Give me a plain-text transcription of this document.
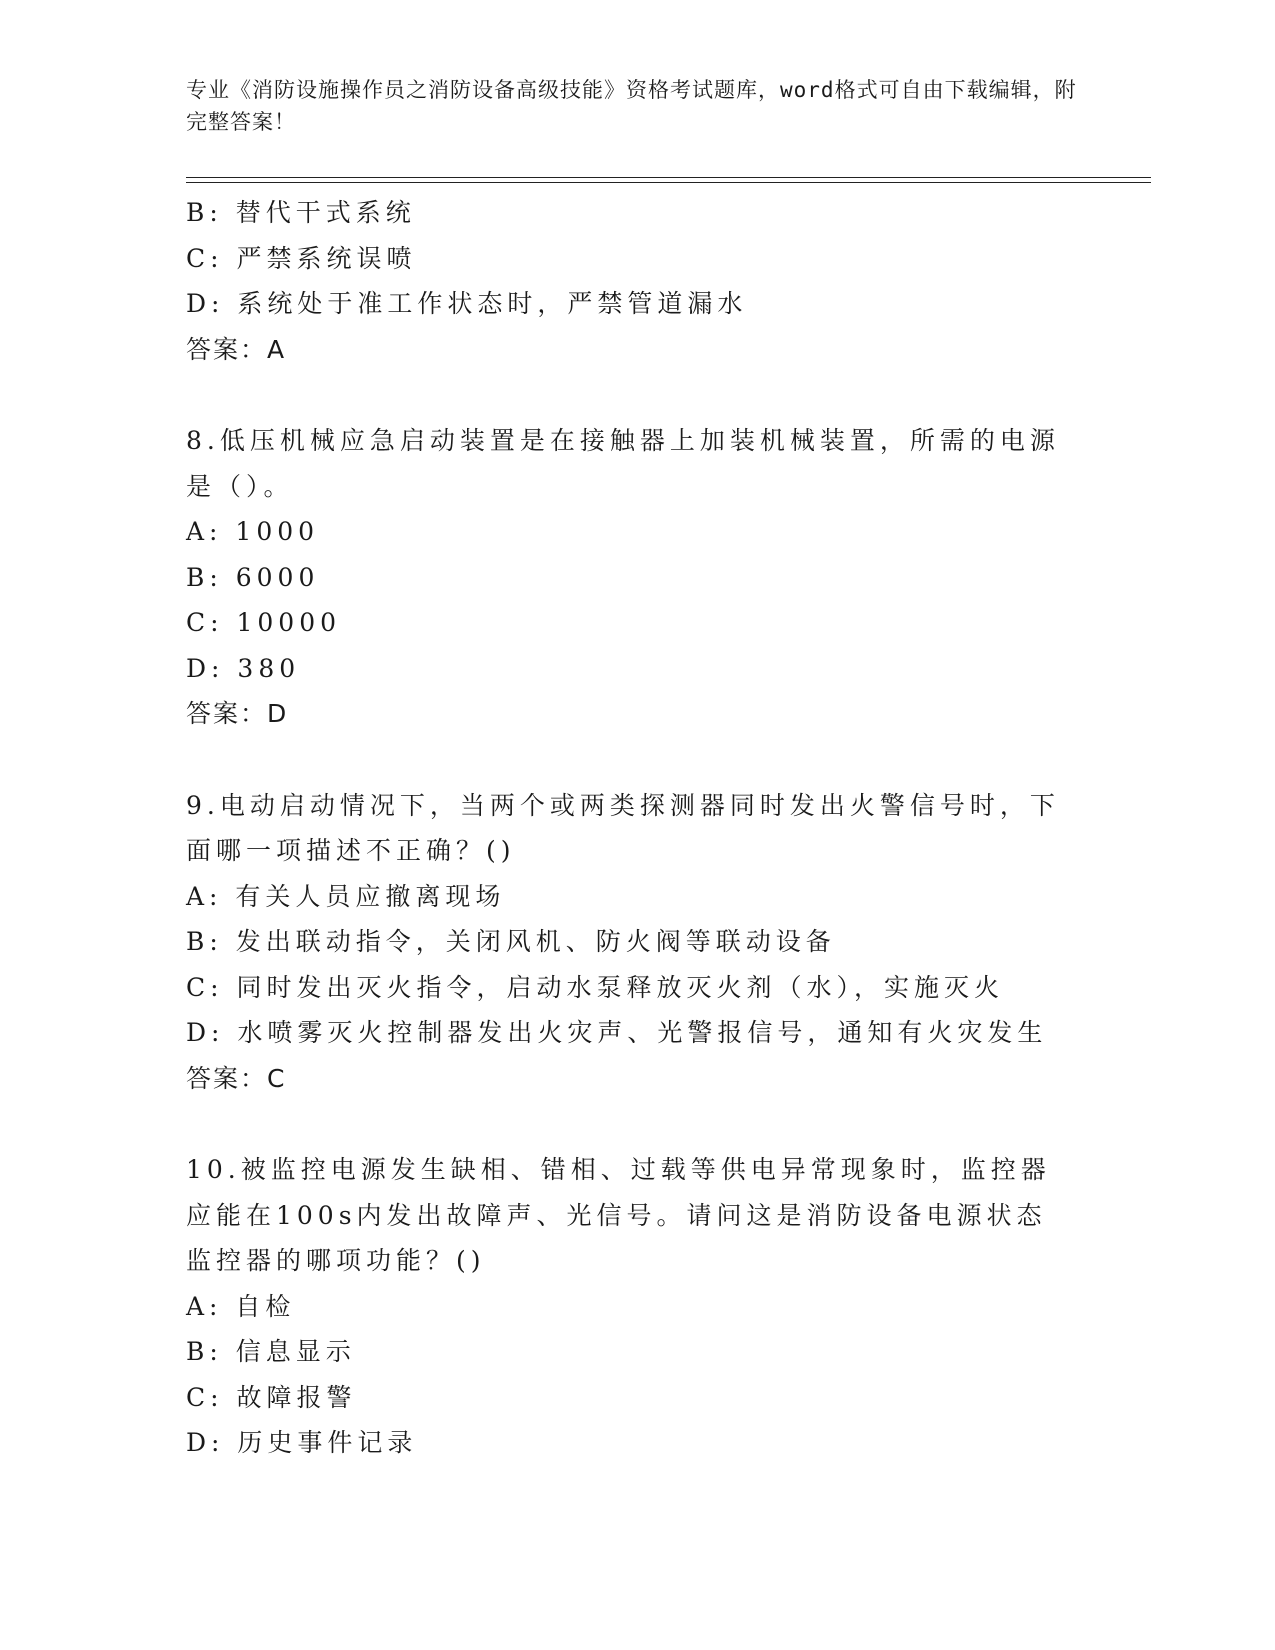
专业《消防设施操作员之消防设备高级技能》资格考试题库，word格式可自由下载编辑，附完整答案！
B: 替代干式系统
C: 严禁系统误喷
D: 系统处于准工作状态时，严禁管道漏水
答案：A
8.低压机械应急启动装置是在接触器上加装机械装置，所需的电源是（）。
A: 1000
B: 6000
C: 10000
D: 380
答案：D
9.电动启动情况下，当两个或两类探测器同时发出火警信号时，下面哪一项描述不正确？()
A: 有关人员应撤离现场
B: 发出联动指令，关闭风机、防火阀等联动设备
C: 同时发出灭火指令，启动水泵释放灭火剂（水），实施灭火
D: 水喷雾灭火控制器发出火灾声、光警报信号，通知有火灾发生
答案：C
10.被监控电源发生缺相、错相、过载等供电异常现象时，监控器应能在100s内发出故障声、光信号。请问这是消防设备电源状态监控器的哪项功能？()
A: 自检
B: 信息显示
C: 故障报警
D: 历史事件记录
